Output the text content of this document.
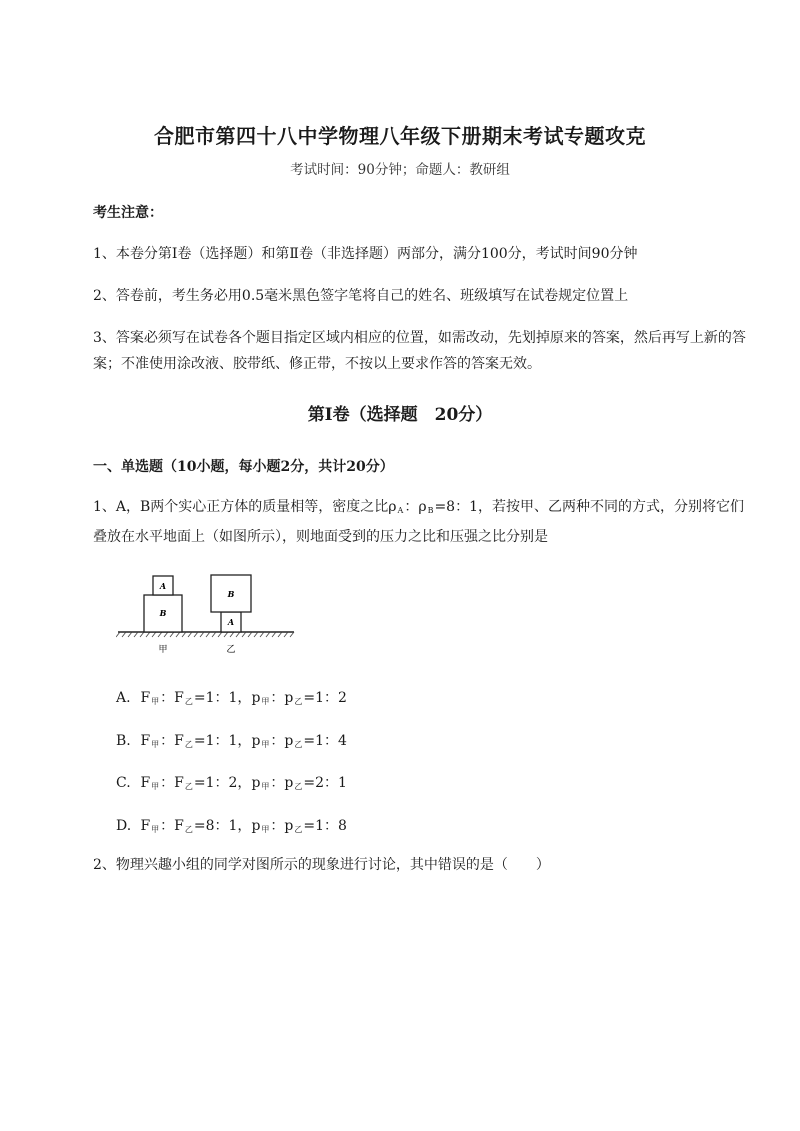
合肥市第四十八中学物理八年级下册期末考试专题攻克
考试时间：90分钟；命题人：教研组
考生注意：
1、本卷分第I卷（选择题）和第Ⅱ卷（非选择题）两部分，满分100分，考试时间90分钟
2、答卷前，考生务必用0.5毫米黑色签字笔将自己的姓名、班级填写在试卷规定位置上
3、答案必须写在试卷各个题目指定区域内相应的位置，如需改动，先划掉原来的答案，然后再写上新的答案；不准使用涂改液、胶带纸、修正带，不按以上要求作答的答案无效。
第I卷（选择题　20分）
一、单选题（10小题，每小题2分，共计20分）
1、A，B两个实心正方体的质量相等，密度之比$\rho_A$：$\rho_B=8$：1，若按甲、乙两种不同的方式，分别将它们叠放在水平地面上（如图所示），则地面受到的压力之比和压强之比分别是
A
B
A
B
甲	乙
A. $F_甲$：$F_乙=1$：1，$p_甲$：$p_乙=1$：2
B. $F_甲$：$F_乙=1$：1，$p_甲$：$p_乙=1$：4
C. $F_甲$：$F_乙=1$：2，$p_甲$：$p_乙=2$：1
D. $F_甲$：$F_乙=8$：1，$p_甲$：$p_乙=1$：8
2、物理兴趣小组的同学对图所示的现象进行讨论，其中错误的是（　　）
